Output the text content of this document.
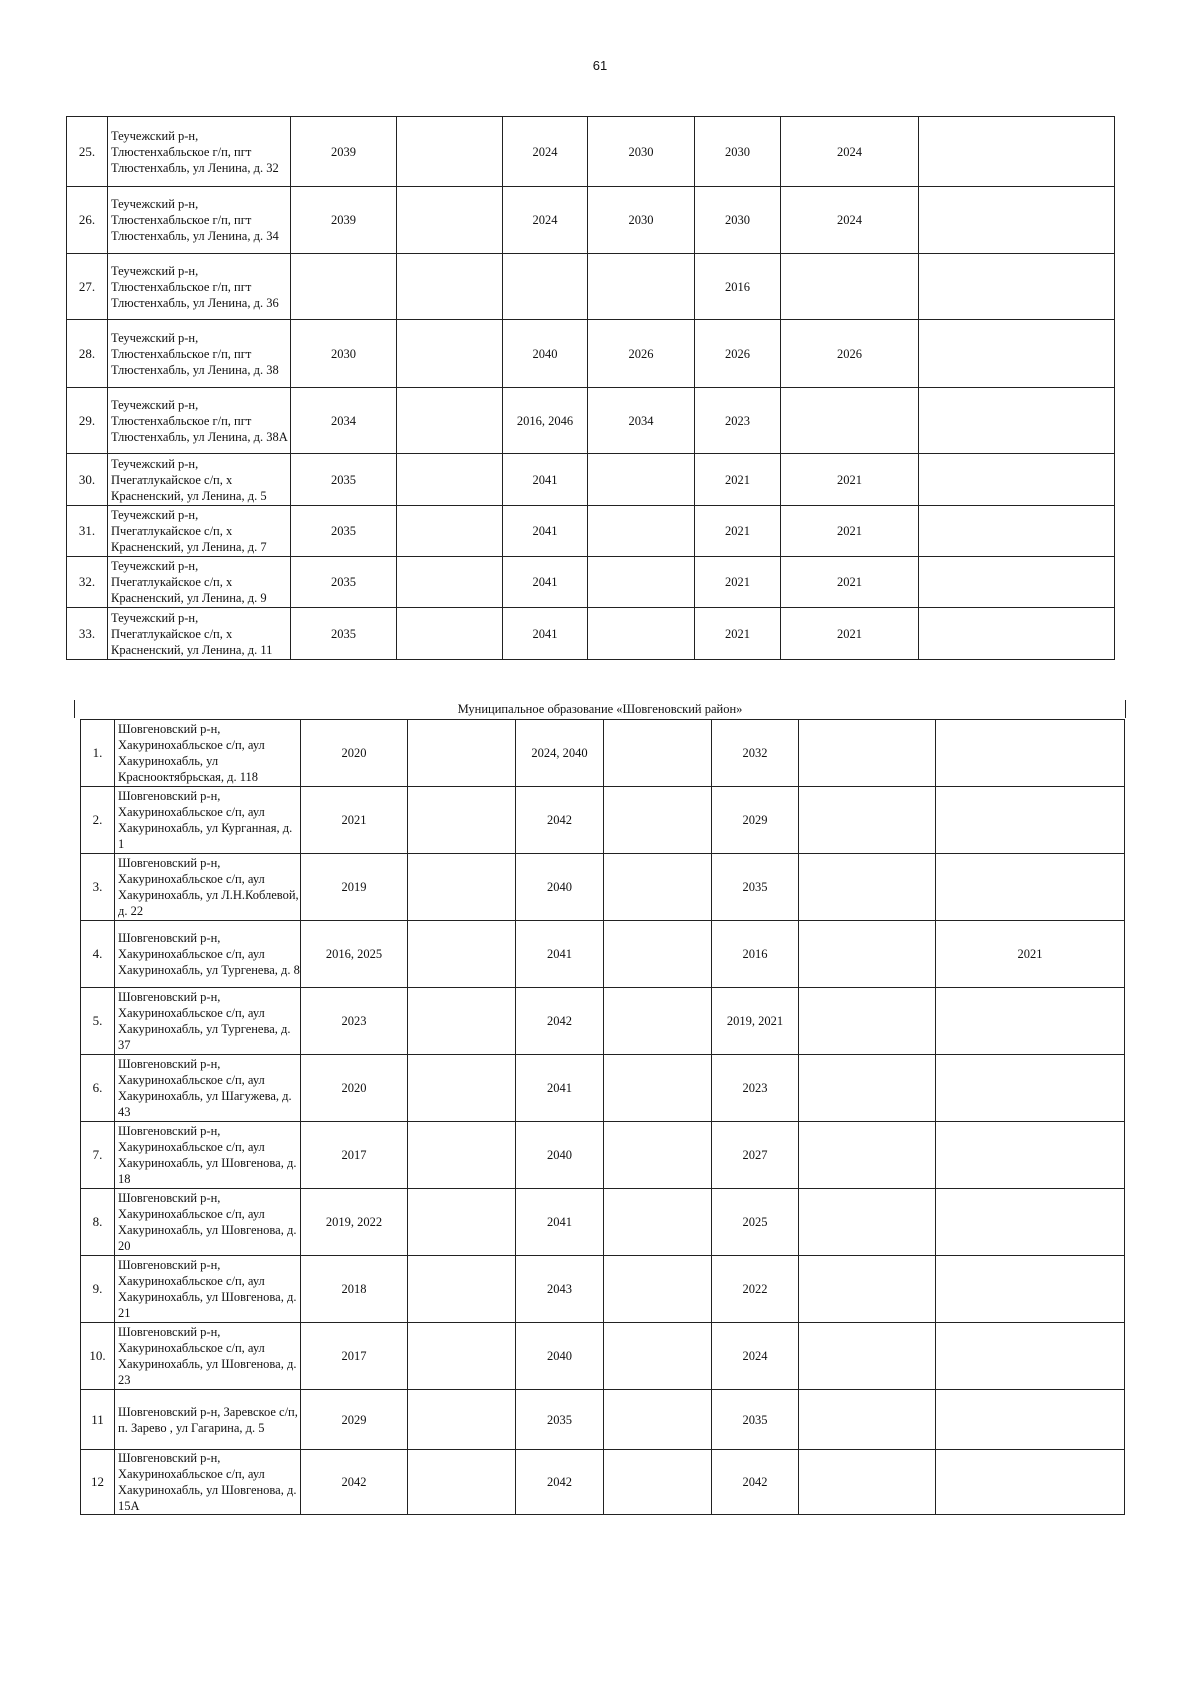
61
25.	Теучежский р-н, Тлюстенхабльское г/п, пгт Тлюстенхабль, ул Ленина, д. 32	2039		2024	2030	2030	2024	
26.	Теучежский р-н, Тлюстенхабльское г/п, пгт Тлюстенхабль, ул Ленина, д. 34	2039		2024	2030	2030	2024	
27.	Теучежский р-н, Тлюстенхабльское г/п, пгт Тлюстенхабль, ул Ленина, д. 36					2016		
28.	Теучежский р-н, Тлюстенхабльское г/п, пгт Тлюстенхабль, ул Ленина, д. 38	2030		2040	2026	2026	2026	
29.	Теучежский р-н, Тлюстенхабльское г/п, пгт Тлюстенхабль, ул Ленина, д. 38А	2034		2016, 2046	2034	2023		
30.	Теучежский р-н, Пчегатлукайское с/п, х Красненский, ул Ленина, д. 5	2035		2041		2021	2021	
31.	Теучежский р-н, Пчегатлукайское с/п, х Красненский, ул Ленина, д. 7	2035		2041		2021	2021	
32.	Теучежский р-н, Пчегатлукайское с/п, х Красненский, ул Ленина, д. 9	2035		2041		2021	2021	
33.	Теучежский р-н, Пчегатлукайское с/п, х Красненский, ул Ленина, д. 11	2035		2041		2021	2021	
Муниципальное образование «Шовгеновский район»
1.	Шовгеновский р-н, Хакуринохабльское с/п, аул Хакуринохабль, ул Краснооктябрьская, д. 118	2020		2024, 2040		2032		
2.	Шовгеновский р-н, Хакуринохабльское с/п, аул Хакуринохабль, ул Курганная, д. 1	2021		2042		2029		
3.	Шовгеновский р-н, Хакуринохабльское с/п, аул Хакуринохабль, ул Л.Н.Коблевой, д. 22	2019		2040		2035		
4.	Шовгеновский р-н, Хакуринохабльское с/п, аул Хакуринохабль, ул Тургенева, д. 8	2016, 2025		2041		2016		2021
5.	Шовгеновский р-н, Хакуринохабльское с/п, аул Хакуринохабль, ул Тургенева, д. 37	2023		2042		2019, 2021		
6.	Шовгеновский р-н, Хакуринохабльское с/п, аул Хакуринохабль, ул Шагужева, д. 43	2020		2041		2023		
7.	Шовгеновский р-н, Хакуринохабльское с/п, аул Хакуринохабль, ул Шовгенова, д. 18	2017		2040		2027		
8.	Шовгеновский р-н, Хакуринохабльское с/п, аул Хакуринохабль, ул Шовгенова, д. 20	2019, 2022		2041		2025		
9.	Шовгеновский р-н, Хакуринохабльское с/п, аул Хакуринохабль, ул Шовгенова, д. 21	2018		2043		2022		
10.	Шовгеновский р-н, Хакуринохабльское с/п, аул Хакуринохабль, ул Шовгенова, д. 23	2017		2040		2024		
11	Шовгеновский р-н, Заревское с/п, п. Зарево , ул Гагарина, д. 5	2029		2035		2035		
12	Шовгеновский р-н, Хакуринохабльское с/п, аул Хакуринохабль, ул Шовгенова, д. 15А	2042		2042		2042		
